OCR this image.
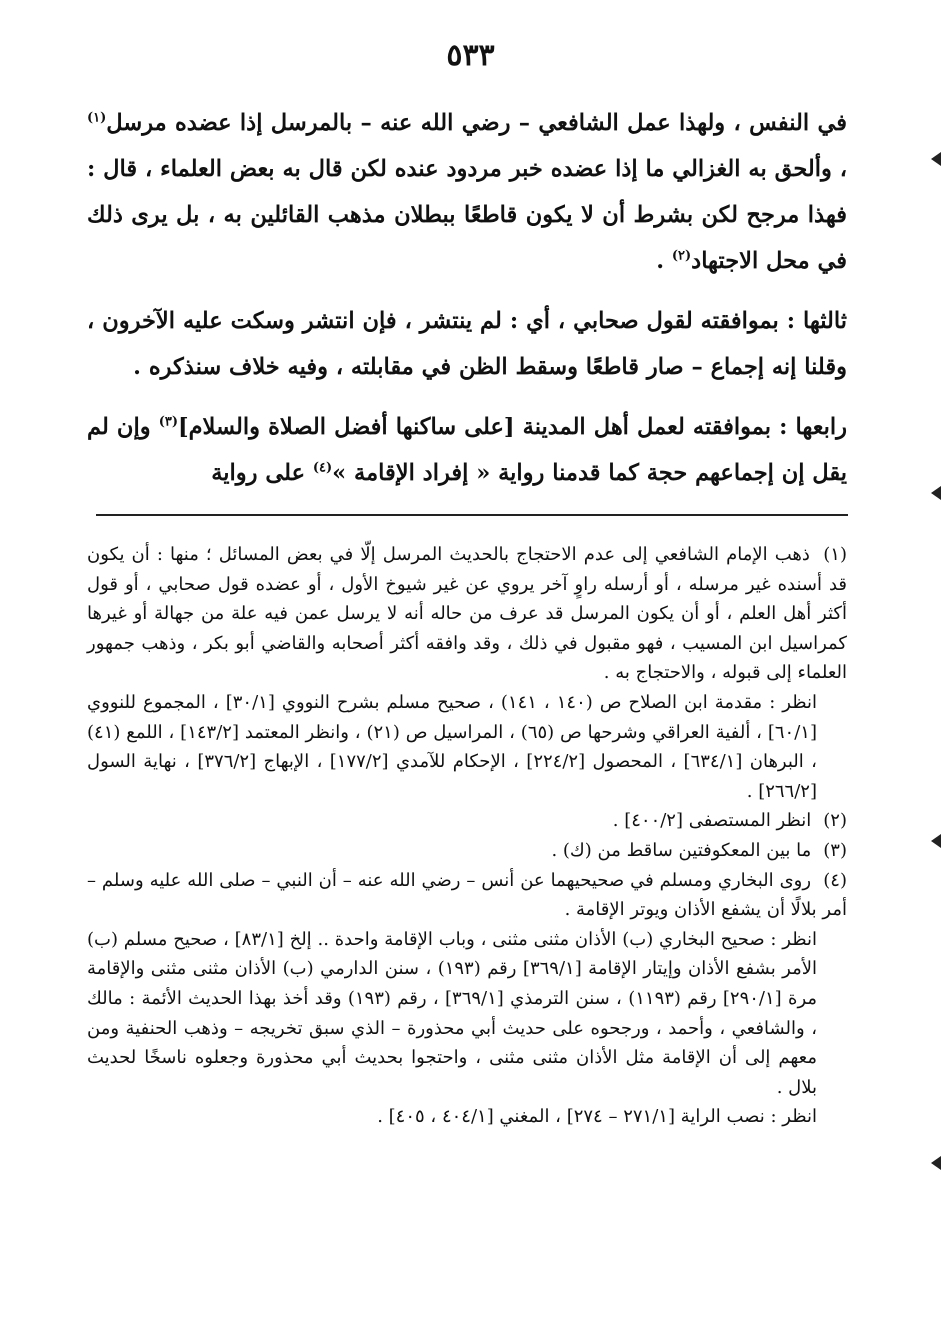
٥٣٣

في النفس ، ولهذا عمل الشافعي – رضي الله عنه – بالمرسل إذا عضده مرسل$^{(١)}$ ، وألحق به الغزالي ما إذا عضده خبر مردود عنده لكن قال به بعض العلماء ، قال : فهذا مرجح لكن بشرط أن لا يكون قاطعًا ببطلان مذهب القائلين به ، بل يرى ذلك في محل الاجتهاد$^{(٢)}$ .

ثالثها : بموافقته لقول صحابي ، أي : لم ينتشر ، فإن انتشر وسكت عليه الآخرون ، وقلنا إنه إجماع – صار قاطعًا وسقط الظن في مقابلته ، وفيه خلاف سنذكره .

رابعها : بموافقته لعمل أهل المدينة [على ساكنها أفضل الصلاة والسلام]$^{(٣)}$ وإن لم يقل إن إجماعهم حجة كما قدمنا رواية « إفراد الإقامة »$^{(٤)}$ على رواية

(١) ذهب الإمام الشافعي إلى عدم الاحتجاج بالحديث المرسل إلّا في بعض المسائل ؛ منها : أن يكون قد أسنده غير مرسله ، أو أرسله راوٍ آخر يروي عن غير شيوخ الأول ، أو عضده قول صحابي ، أو قول أكثر أهل العلم ، أو أن يكون المرسل قد عرف من حاله أنه لا يرسل عمن فيه علة من جهالة أو غيرها كمراسيل ابن المسيب ، فهو مقبول في ذلك ، وقد وافقه أكثر أصحابه والقاضي أبو بكر ، وذهب جمهور العلماء إلى قبوله ، والاحتجاج به .
انظر : مقدمة ابن الصلاح ص (١٤٠ ، ١٤١) ، صحيح مسلم بشرح النووي [٣٠/١] ، المجموع للنووي [٦٠/١] ، ألفية العراقي وشرحها ص (٦٥) ، المراسيل ص (٢١) ، وانظر المعتمد [١٤٣/٢] ، اللمع (٤١) ، البرهان [٦٣٤/١] ، المحصول [٢٢٤/٢] ، الإحكام للآمدي [١٧٧/٢] ، الإبهاج [٣٧٦/٢] ، نهاية السول [٢٦٦/٢] .
(٢) انظر المستصفى [٤٠٠/٢] .
(٣) ما بين المعكوفتين ساقط من (ك) .
(٤) روى البخاري ومسلم في صحيحيهما عن أنس – رضي الله عنه – أن النبي – صلى الله عليه وسلم – أمر بلالًا أن يشفع الأذان ويوتر الإقامة .
انظر : صحيح البخاري (ب) الأذان مثنى مثنى ، وباب الإقامة واحدة .. إلخ [٨٣/١] ، صحيح مسلم (ب) الأمر بشفع الأذان وإيتار الإقامة [٣٦٩/١] رقم (١٩٣) ، سنن الدارمي (ب) الأذان مثنى مثنى والإقامة مرة [٢٩٠/١] رقم (١١٩٣) ، سنن الترمذي [٣٦٩/١] ، رقم (١٩٣) وقد أخذ بهذا الحديث الأئمة : مالك ، والشافعي ، وأحمد ، ورجحوه على حديث أبي محذورة – الذي سبق تخريجه – وذهب الحنفية ومن معهم إلى أن الإقامة مثل الأذان مثنى مثنى ، واحتجوا بحديث أبي محذورة وجعلوه ناسخًا لحديث بلال .
انظر : نصب الراية [٢٧١/١ – ٢٧٤] ، المغني [٤٠٤/١ ، ٤٠٥] .
